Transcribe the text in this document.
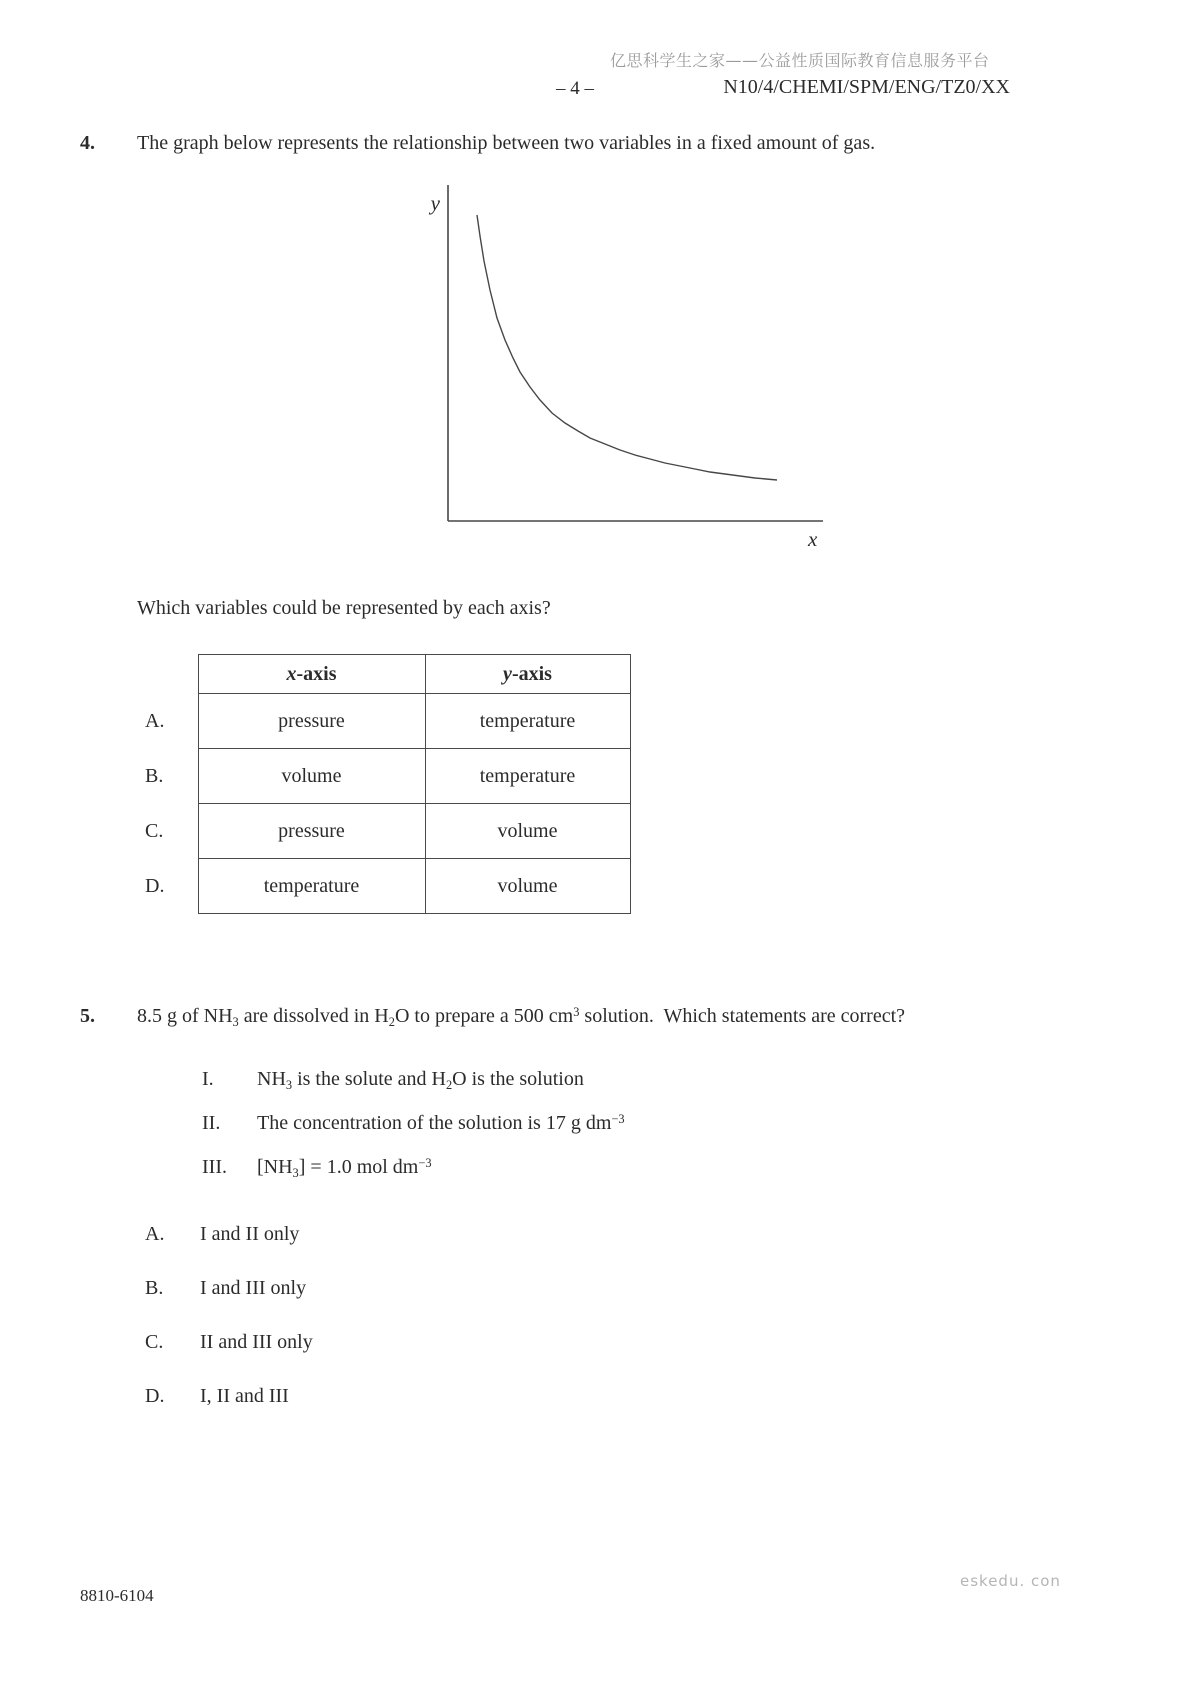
亿思科学生之家——公益性质国际教育信息服务平台
– 4 –	N10/4/CHEMI/SPM/ENG/TZ0/XX
4. The graph below represents the relationship between two variables in a fixed amount of gas.
y
x
Which variables could be represented by each axis?
	x-axis	y-axis
A.	pressure	temperature
B.	volume	temperature
C.	pressure	volume
D.	temperature	volume
5. 8.5 g of $NH_3$ are dissolved in $H_2O$ to prepare a 500 $cm^3$ solution.  Which statements are correct?
I. $NH_3$ is the solute and $H_2O$ is the solution
II. The concentration of the solution is 17 g $dm^{-3}$
III. $[NH_3] = 1.0$ mol $dm^{-3}$
A. I and II only
B. I and III only
C. II and III only
D. I, II and III
8810-6104
eskedu. con
